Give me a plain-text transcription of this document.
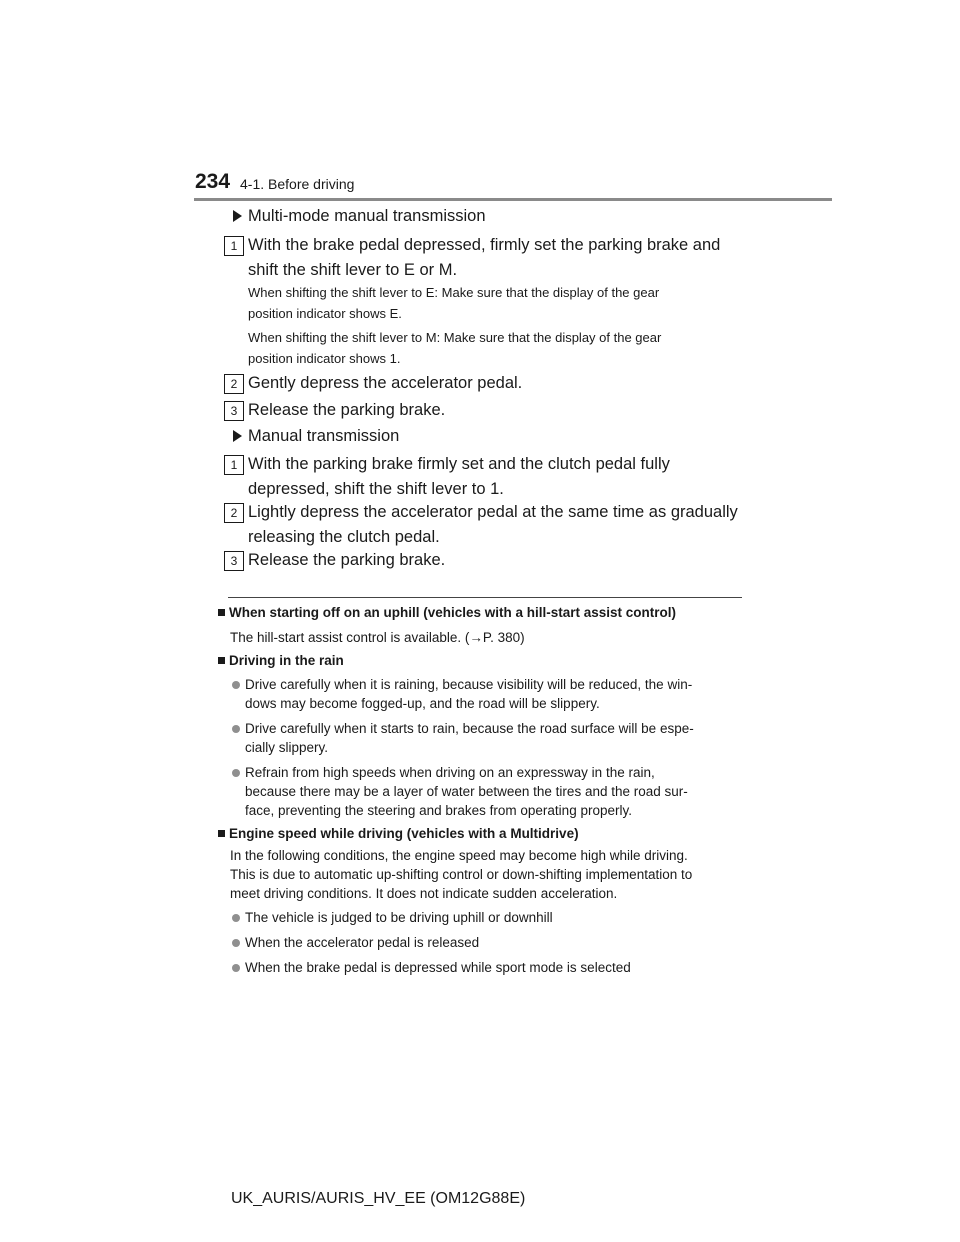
234 4-1. Before driving
Multi-mode manual transmission
1 With the brake pedal depressed, firmly set the parking brake and
shift the shift lever to E or M.
When shifting the shift lever to E: Make sure that the display of the gear
position indicator shows E.
When shifting the shift lever to M: Make sure that the display of the gear
position indicator shows 1.
2 Gently depress the accelerator pedal.
3 Release the parking brake.
Manual transmission
1 With the parking brake firmly set and the clutch pedal fully
depressed, shift the shift lever to 1.
2 Lightly depress the accelerator pedal at the same time as gradually
releasing the clutch pedal.
3 Release the parking brake.
When starting off on an uphill (vehicles with a hill-start assist control)
The hill-start assist control is available. (→P. 380)
Driving in the rain
Drive carefully when it is raining, because visibility will be reduced, the win-
dows may become fogged-up, and the road will be slippery.
Drive carefully when it starts to rain, because the road surface will be espe-
cially slippery.
Refrain from high speeds when driving on an expressway in the rain,
because there may be a layer of water between the tires and the road sur-
face, preventing the steering and brakes from operating properly.
Engine speed while driving (vehicles with a Multidrive)
In the following conditions, the engine speed may become high while driving.
This is due to automatic up-shifting control or down-shifting implementation to
meet driving conditions. It does not indicate sudden acceleration.
The vehicle is judged to be driving uphill or downhill
When the accelerator pedal is released
When the brake pedal is depressed while sport mode is selected
UK_AURIS/AURIS_HV_EE (OM12G88E)
